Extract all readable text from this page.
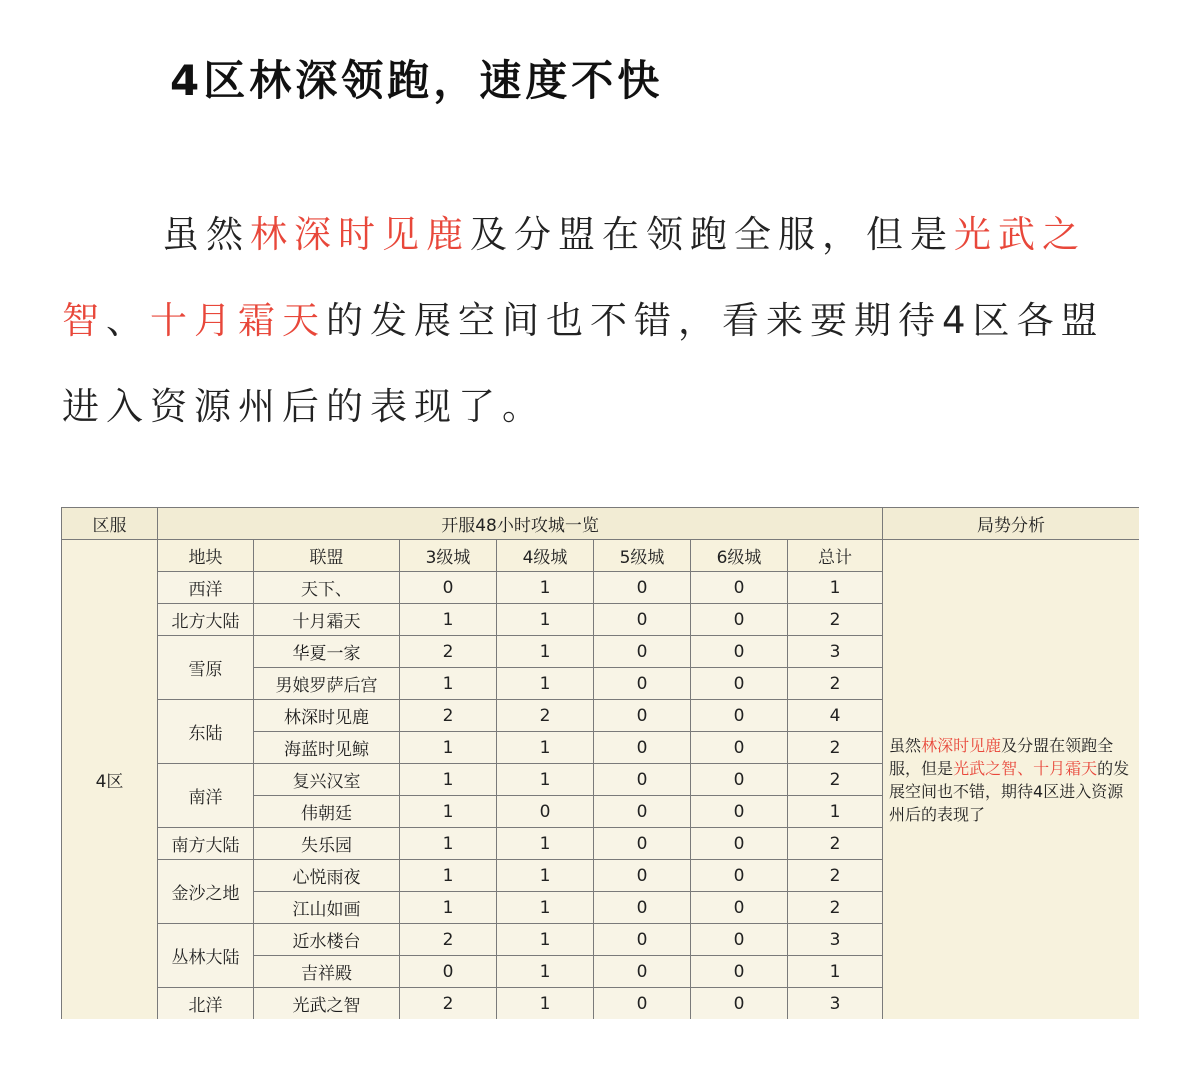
4区林深领跑，速度不快
虽然林深时见鹿及分盟在领跑全服，但是光武之智、十月霜天的发展空间也不错，看来要期待4区各盟进入资源州后的表现了。
区服	开服48小时攻城一览							局势分析
4区	地块	联盟	3级城	4级城	5级城	6级城	总计	虽然林深时见鹿及分盟在领跑全服，但是光武之智、十月霜天的发展空间也不错，期待4区进入资源州后的表现了
	西洋	天下、	0	1	0	0	1	
	北方大陆	十月霜天	1	1	0	0	2	
	雪原	华夏一家	2	1	0	0	3	
		男娘罗萨后宫	1	1	0	0	2	
	东陆	林深时见鹿	2	2	0	0	4	
		海蓝时见鲸	1	1	0	0	2	
	南洋	复兴汉室	1	1	0	0	2	
		伟朝廷	1	0	0	0	1	
	南方大陆	失乐园	1	1	0	0	2	
	金沙之地	心悦雨夜	1	1	0	0	2	
		江山如画	1	1	0	0	2	
	丛林大陆	近水楼台	2	1	0	0	3	
		吉祥殿	0	1	0	0	1	
	北洋	光武之智	2	1	0	0	3	
